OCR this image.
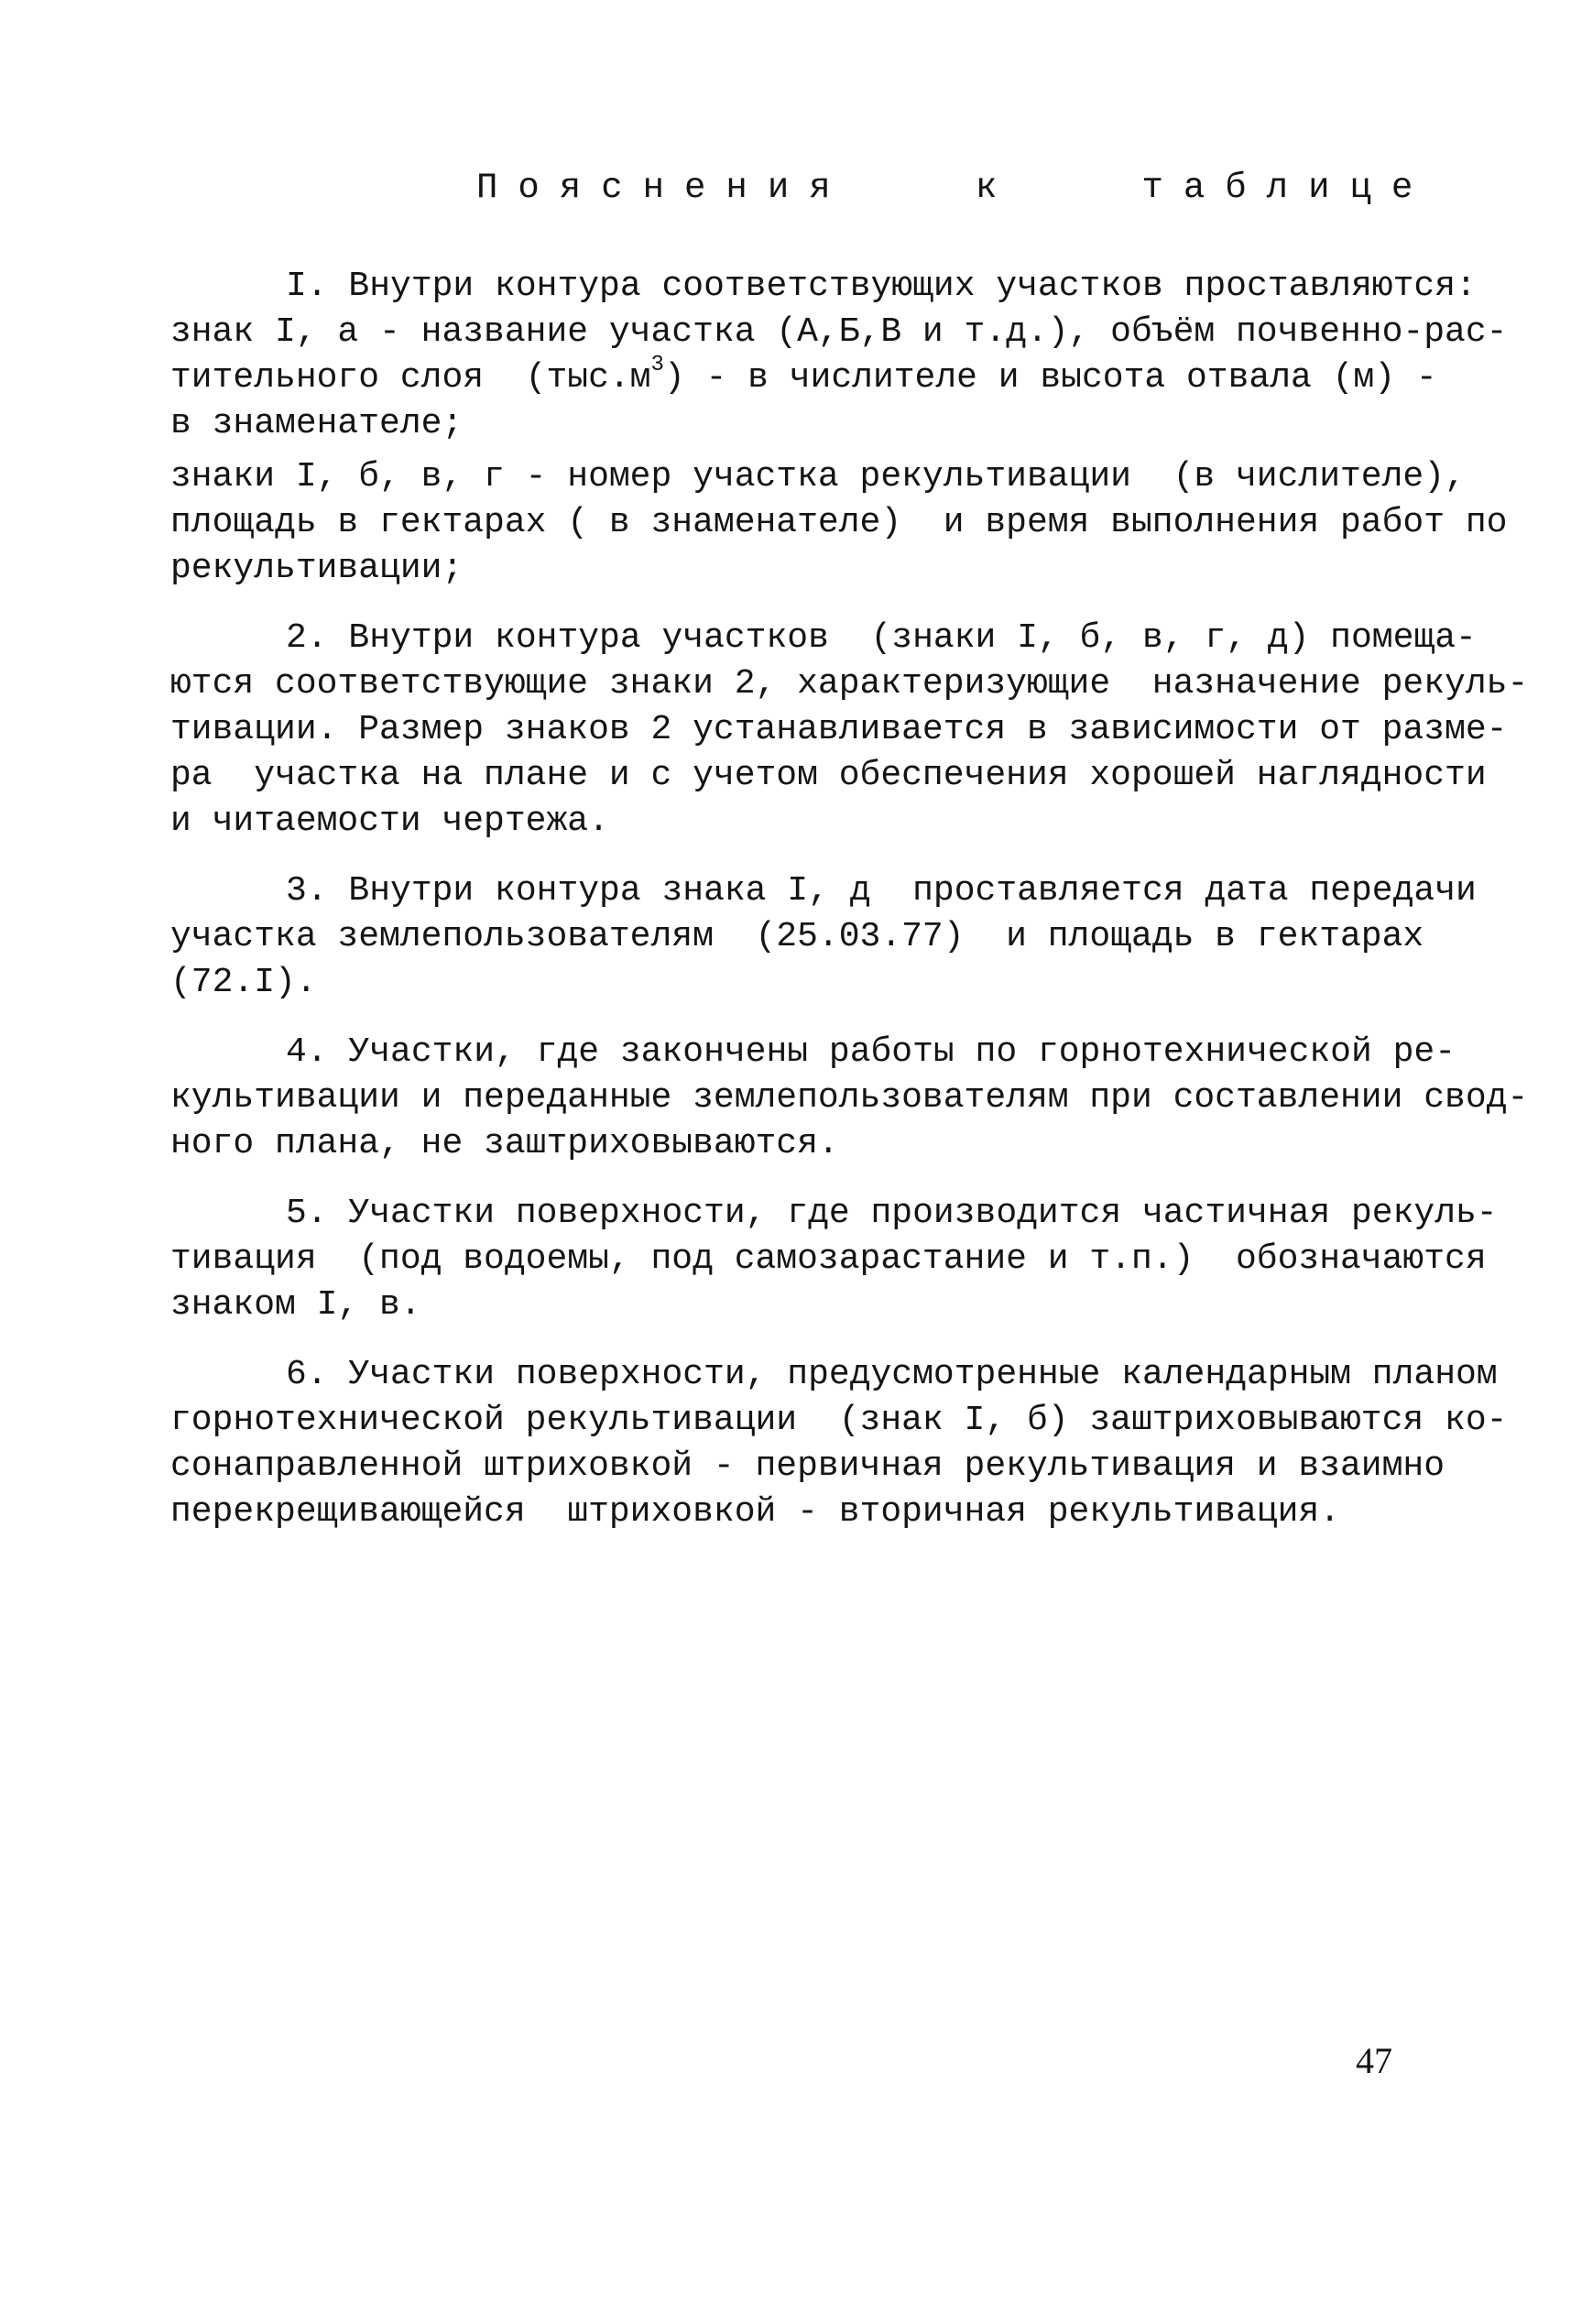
Пояснения   к   таблице

I. Внутри контура соответствующих участков проставляются:

знак I, а - название участка (А,Б,В и т.д.), объём почвенно-рас-

тительного слоя  $(тыс.м^3)$ - в числителе и высота отвала (м) -

в знаменателе;

знаки I, б, в, г - номер участка рекультивации  (в числителе),

площадь в гектарах ( в знаменателе)  и время выполнения работ по

рекультивации;

2. Внутри контура участков  (знаки I, б, в, г, д) помеща-

ются соответствующие знаки 2, характеризующие  назначение рекуль-

тивации. Размер знаков 2 устанавливается в зависимости от разме-

ра  участка на плане и с учетом обеспечения хорошей наглядности

и читаемости чертежа.

3. Внутри контура знака I, д  проставляется дата передачи

участка землепользователям  (25.03.77)  и площадь в гектарах

(72.I).

4. Участки, где закончены работы по горнотехнической ре-

культивации и переданные землепользователям при составлении свод-

ного плана, не заштриховываются.

5. Участки поверхности, где производится частичная рекуль-

тивация  (под водоемы, под самозарастание и т.п.)  обозначаются

знаком I, в.

6. Участки поверхности, предусмотренные календарным планом

горнотехнической рекультивации  (знак I, б) заштриховываются ко-

сонаправленной штриховкой - первичная рекультивация и взаимно

перекрещивающейся  штриховкой - вторичная рекультивация.

47
